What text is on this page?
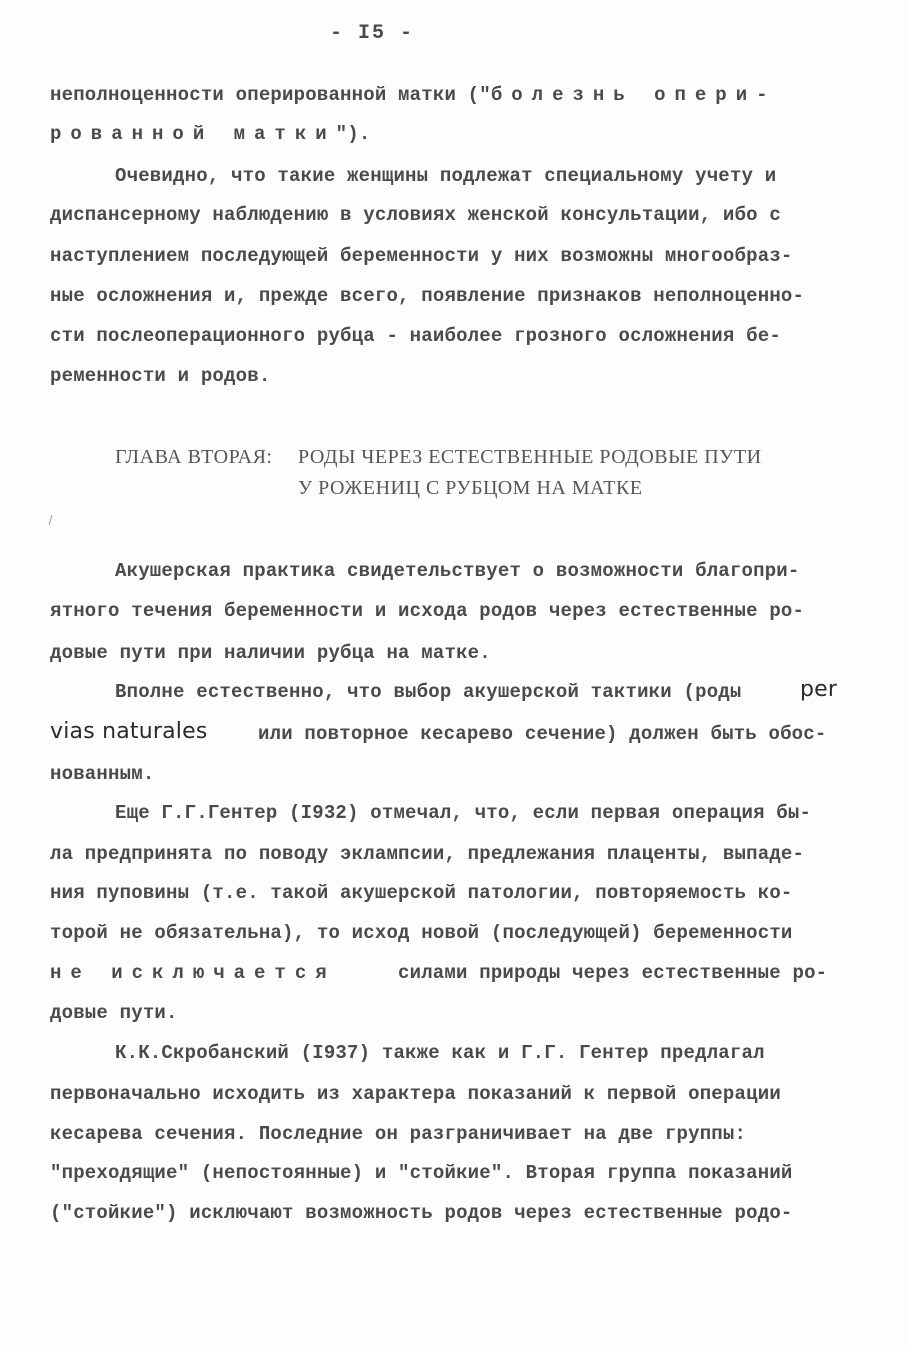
- I5 -
неполноценности оперированной матки ("болезнь опери-
рованной матки").
Очевидно, что такие женщины подлежат специальному учету и
диспансерному наблюдению в условиях женской консультации, ибо с
наступлением последующей беременности у них возможны многообраз-
ные осложнения и, прежде всего, появление признаков неполноценно-
сти послеоперационного рубца - наиболее грозного осложнения бе-
ременности и родов.
ГЛАВА ВТОРАЯ: РОДЫ ЧЕРЕЗ ЕСТЕСТВЕННЫЕ РОДОВЫЕ ПУТИ
У РОЖЕНИЦ С РУБЦОМ НА МАТКЕ
Акушерская практика свидетельствует о возможности благопри-
ятного течения беременности и исхода родов через естественные ро-
довые пути при наличии рубца на матке.
Вполне естественно, что выбор акушерской тактики (роды	per
vias naturales	или повторное кесарево сечение) должен быть обос-
нованным.
Еще Г.Г.Гентер (I932) отмечал, что, если первая операция бы-
ла предпринята по поводу эклампсии, предлежания плаценты, выпаде-
ния пуповины (т.е. такой акушерской патологии, повторяемость ко-
торой не обязательна), то исход новой (последующей) беременности
не исключается	силами природы через естественные ро-
довые пути.
К.К.Скробанский (I937) также как и Г.Г. Гентер предлагал
первоначально исходить из характера показаний к первой операции
кесарева сечения. Последние он разграничивает на две группы:
"преходящие" (непостоянные) и "стойкие". Вторая группа показаний
("стойкие") исключают возможность родов через естественные родо-
